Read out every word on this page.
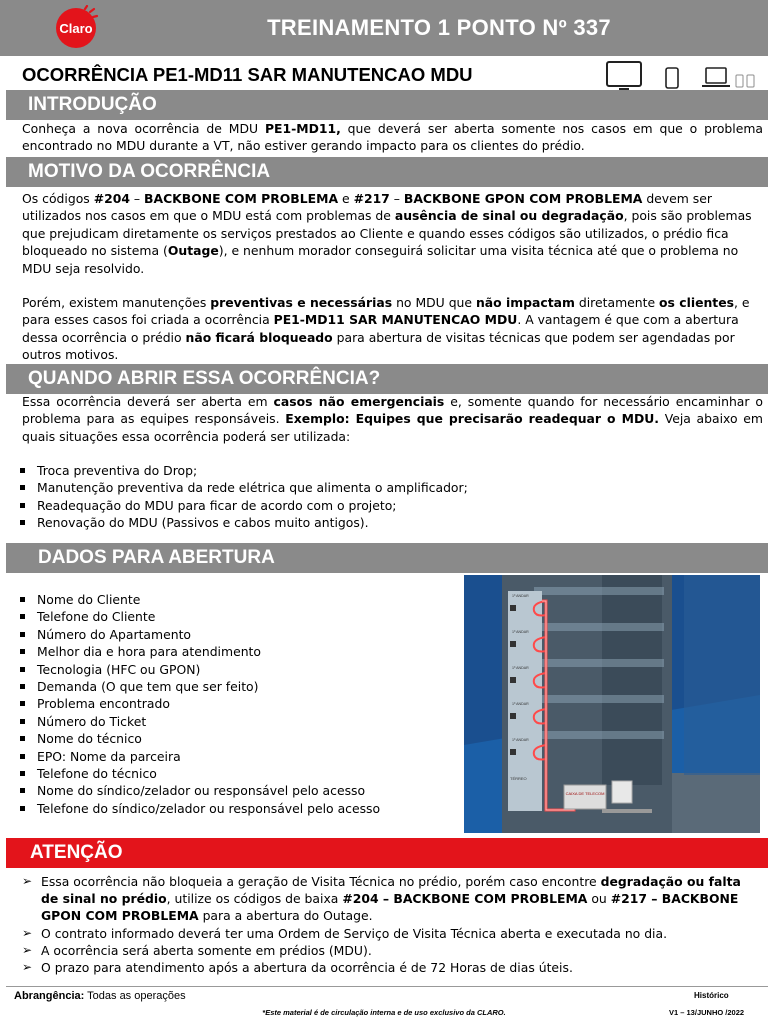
Claro	TREINAMENTO 1 PONTO Nº 337
OCORRÊNCIA PE1-MD11 SAR MANUTENCAO MDU
INTRODUÇÃO
Conheça a nova ocorrência de MDU PE1-MD11, que deverá ser aberta somente nos casos em que o problema encontrado no MDU durante a VT, não estiver gerando impacto para os clientes do prédio.
MOTIVO DA OCORRÊNCIA
Os códigos #204 – BACKBONE COM PROBLEMA e #217 – BACKBONE GPON COM PROBLEMA devem ser utilizados nos casos em que o MDU está com problemas de ausência de sinal ou degradação, pois são problemas que prejudicam diretamente os serviços prestados ao Cliente e quando esses códigos são utilizados, o prédio fica bloqueado no sistema (Outage), e nenhum morador conseguirá solicitar uma visita técnica até que o problema no MDU seja resolvido.
Porém, existem manutenções preventivas e necessárias no MDU que não impactam diretamente os clientes, e para esses casos foi criada a ocorrência PE1-MD11 SAR MANUTENCAO MDU. A vantagem é que com a abertura dessa ocorrência o prédio não ficará bloqueado para abertura de visitas técnicas que podem ser agendadas por outros motivos.
QUANDO ABRIR ESSA OCORRÊNCIA?
Essa ocorrência deverá ser aberta em casos não emergenciais e, somente quando for necessário encaminhar o problema para as equipes responsáveis. Exemplo: Equipes que precisarão readequar o MDU. Veja abaixo em quais situações essa ocorrência poderá ser utilizada:
Troca preventiva do Drop;
Manutenção preventiva da rede elétrica que alimenta o amplificador;
Readequação do MDU para ficar de acordo com o projeto;
Renovação do MDU (Passivos e cabos muito antigos).
DADOS PARA ABERTURA
Nome do Cliente
Telefone do Cliente
Número do Apartamento
Melhor dia e hora para atendimento
Tecnologia (HFC ou GPON)
Demanda (O que tem que ser feito)
Problema encontrado
Número do Ticket
Nome do técnico
EPO: Nome da parceira
Telefone do técnico
Nome do síndico/zelador ou responsável pelo acesso
Telefone do síndico/zelador ou responsável pelo acesso
1º ANDAR
1º ANDAR
1º ANDAR
1º ANDAR
1º ANDAR
CAIXA DE TELECOM
TÉRREO
ATENÇÃO
➢ Essa ocorrência não bloqueia a geração de Visita Técnica no prédio, porém caso encontre degradação ou falta de sinal no prédio, utilize os códigos de baixa #204 – BACKBONE COM PROBLEMA ou #217 – BACKBONE GPON COM PROBLEMA para a abertura do Outage.
➢ O contrato informado deverá ter uma Ordem de Serviço de Visita Técnica aberta e executada no dia.
➢ A ocorrência será aberta somente em prédios (MDU).
➢ O prazo para atendimento após a abertura da ocorrência é de 72 Horas de dias úteis.
Abrangência: Todas as operações	Histórico
*Este material é de circulação interna e de uso exclusivo da CLARO.	V1 – 13/JUNHO /2022
